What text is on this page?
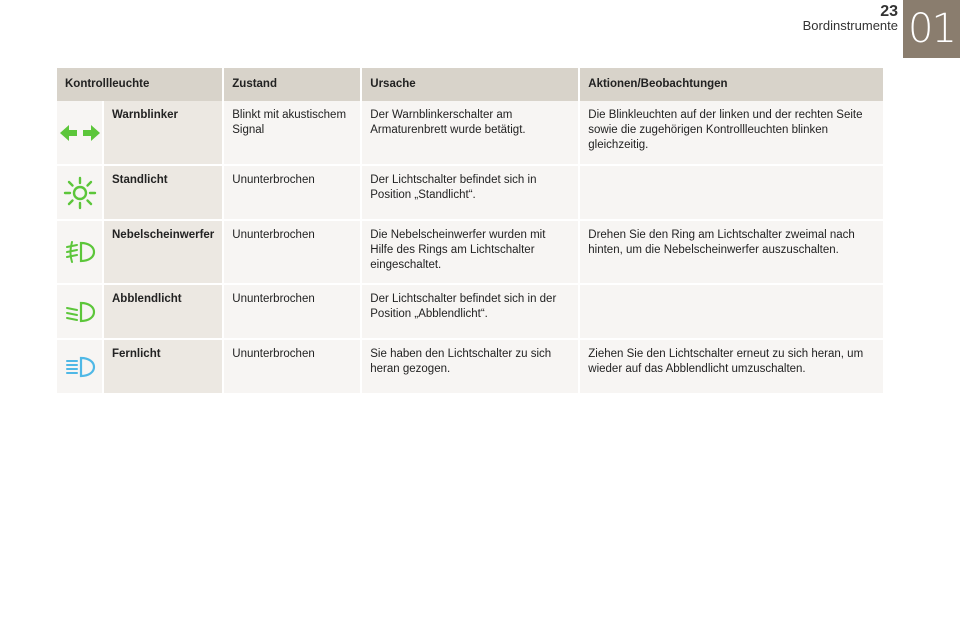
23
Bordinstrumente 01
Kontrollleuchte		Zustand	Ursache	Aktionen/Beobachtungen
	Warnblinker	Blinkt mit akustischem Signal	Der Warnblinkerschalter am Armaturenbrett wurde betätigt.	Die Blinkleuchten auf der linken und der rechten Seite sowie die zugehörigen Kontrollleuchten blinken gleichzeitig.
	Standlicht	Ununterbrochen	Der Lichtschalter befindet sich in Position „Standlicht“.	
	Nebelscheinwerfer	Ununterbrochen	Die Nebelscheinwerfer wurden mit Hilfe des Rings am Lichtschalter eingeschaltet.	Drehen Sie den Ring am Lichtschalter zweimal nach hinten, um die Nebelscheinwerfer auszuschalten.
	Abblendlicht	Ununterbrochen	Der Lichtschalter befindet sich in der Position „Abblendlicht“.	
	Fernlicht	Ununterbrochen	Sie haben den Lichtschalter zu sich heran gezogen.	Ziehen Sie den Lichtschalter erneut zu sich heran, um wieder auf das Abblendlicht umzuschalten.
